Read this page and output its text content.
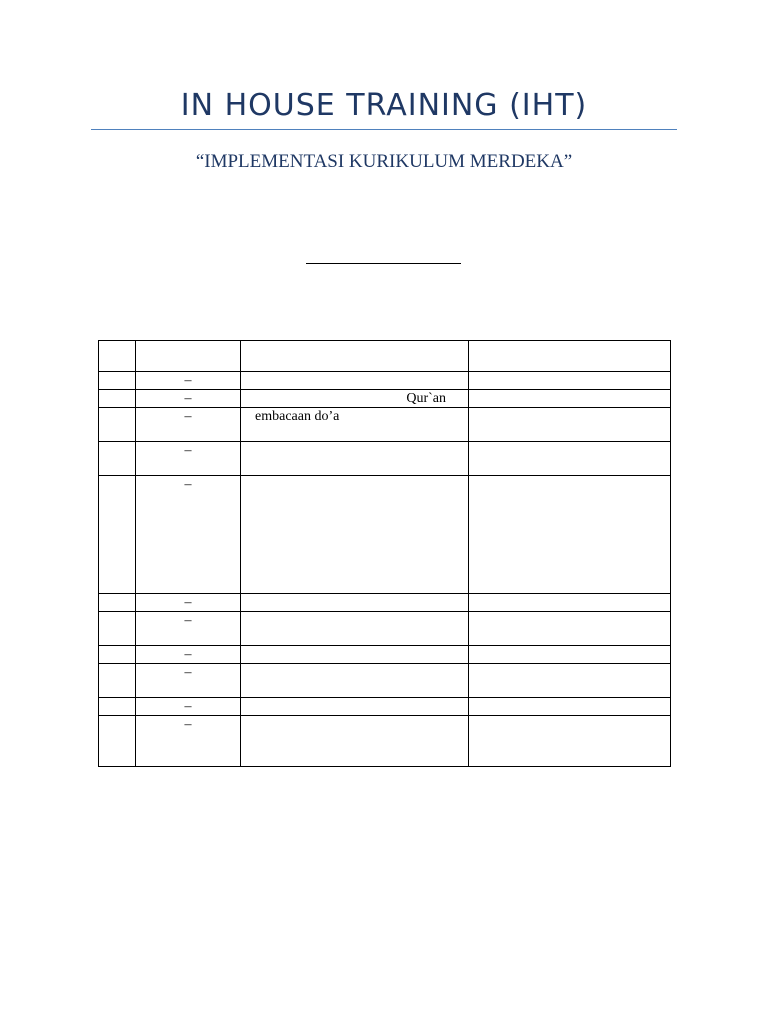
IN HOUSE TRAINING (IHT)
“IMPLEMENTASI KURIKULUM MERDEKA”

	–		

	–	Qur`an	

	–	embacaan do’a	

	–		

	–		

	–		

	–		

	–		

	–		

	–		

	–		
